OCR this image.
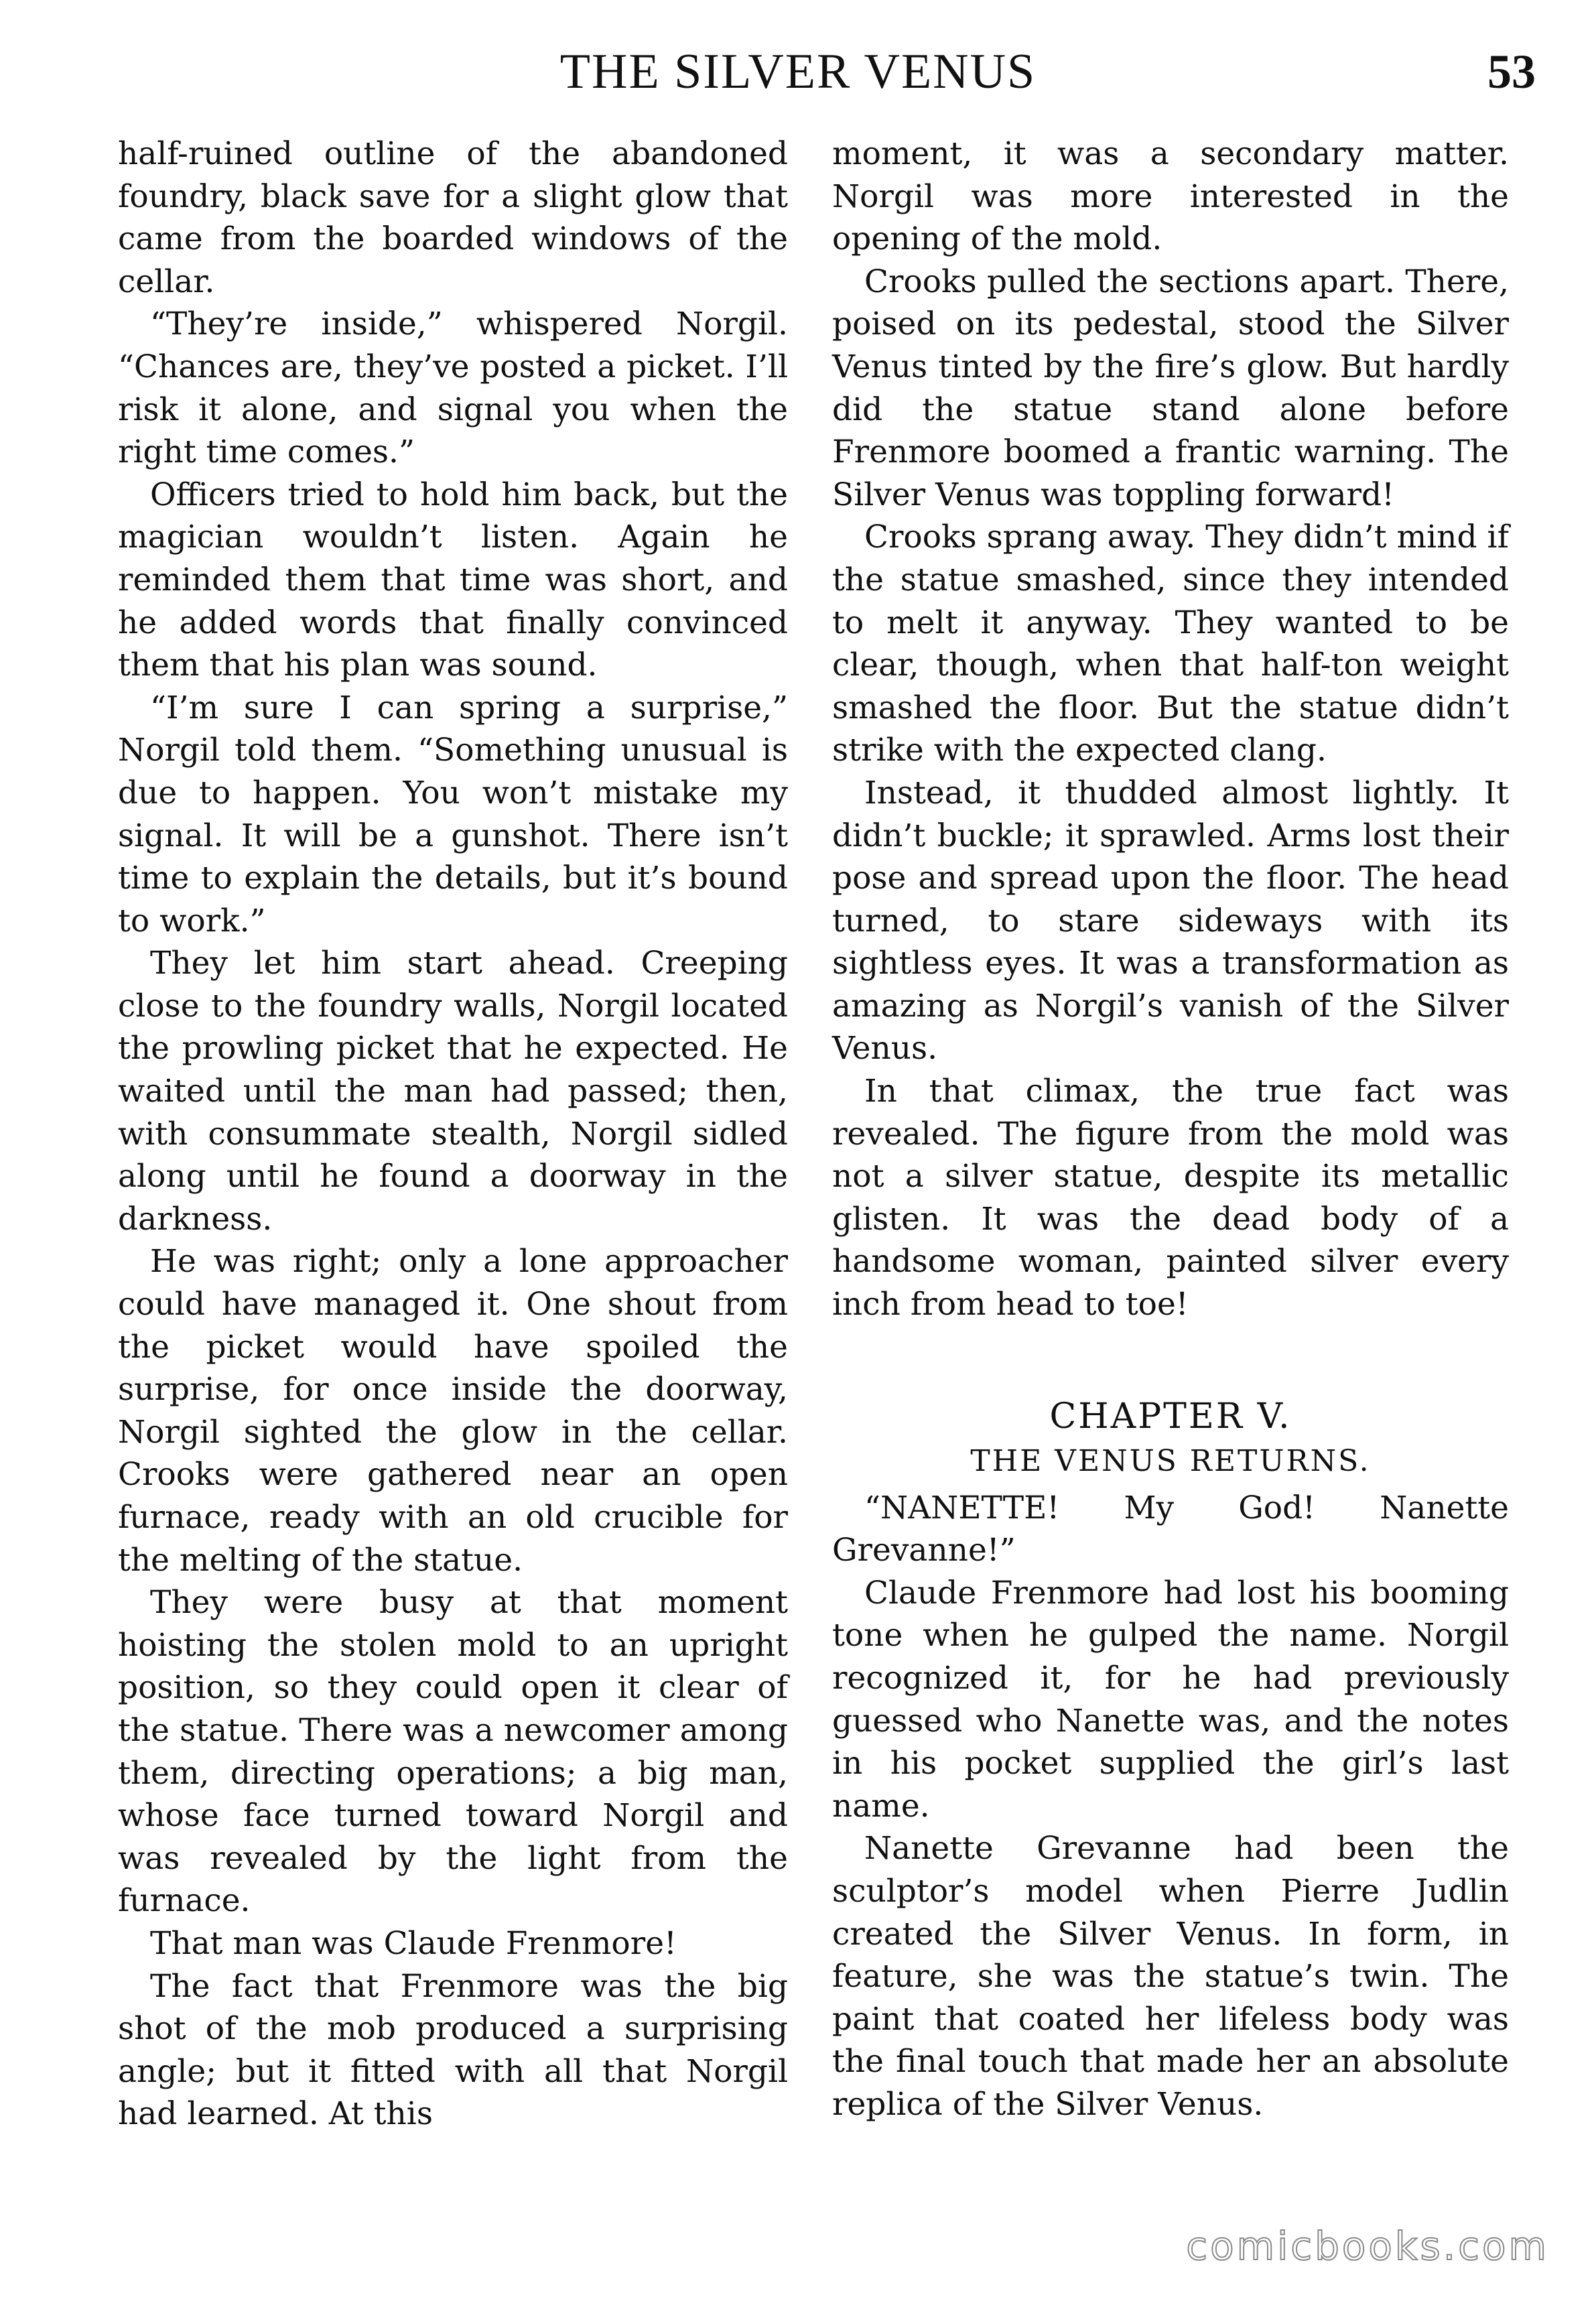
THE SILVER VENUS	53

half-ruined outline of the abandoned foundry, black save for a slight glow that came from the boarded windows of the cellar.

“They’re inside,” whispered Norgil. “Chances are, they’ve posted a picket. I’ll risk it alone, and signal you when the right time comes.”

Officers tried to hold him back, but the magician wouldn’t listen. Again he reminded them that time was short, and he added words that finally convinced them that his plan was sound.

“I’m sure I can spring a surprise,” Norgil told them. “Something unusual is due to happen. You won’t mistake my signal. It will be a gunshot. There isn’t time to explain the details, but it’s bound to work.”

They let him start ahead. Creeping close to the foundry walls, Norgil located the prowling picket that he expected. He waited until the man had passed; then, with consummate stealth, Norgil sidled along until he found a doorway in the darkness.

He was right; only a lone approacher could have managed it. One shout from the picket would have spoiled the surprise, for once inside the doorway, Norgil sighted the glow in the cellar. Crooks were gathered near an open furnace, ready with an old crucible for the melting of the statue.

They were busy at that moment hoisting the stolen mold to an upright position, so they could open it clear of the statue. There was a newcomer among them, directing operations; a big man, whose face turned toward Norgil and was revealed by the light from the furnace.

That man was Claude Frenmore!

The fact that Frenmore was the big shot of the mob produced a surprising angle; but it fitted with all that Norgil had learned. At this

moment, it was a secondary matter. Norgil was more interested in the opening of the mold.

Crooks pulled the sections apart. There, poised on its pedestal, stood the Silver Venus tinted by the fire’s glow. But hardly did the statue stand alone before Frenmore boomed a frantic warning. The Silver Venus was toppling forward!

Crooks sprang away. They didn’t mind if the statue smashed, since they intended to melt it anyway. They wanted to be clear, though, when that half-ton weight smashed the floor. But the statue didn’t strike with the expected clang.

Instead, it thudded almost lightly. It didn’t buckle; it sprawled. Arms lost their pose and spread upon the floor. The head turned, to stare sideways with its sightless eyes. It was a transformation as amazing as Norgil’s vanish of the Silver Venus.

In that climax, the true fact was revealed. The figure from the mold was not a silver statue, despite its metallic glisten. It was the dead body of a handsome woman, painted silver every inch from head to toe!

CHAPTER V.
THE VENUS RETURNS.

“NANETTE! My God! Nanette Grevanne!”

Claude Frenmore had lost his booming tone when he gulped the name. Norgil recognized it, for he had previously guessed who Nanette was, and the notes in his pocket supplied the girl’s last name.

Nanette Grevanne had been the sculptor’s model when Pierre Judlin created the Silver Venus. In form, in feature, she was the statue’s twin. The paint that coated her lifeless body was the final touch that made her an absolute replica of the Silver Venus.

comicbooks.com
